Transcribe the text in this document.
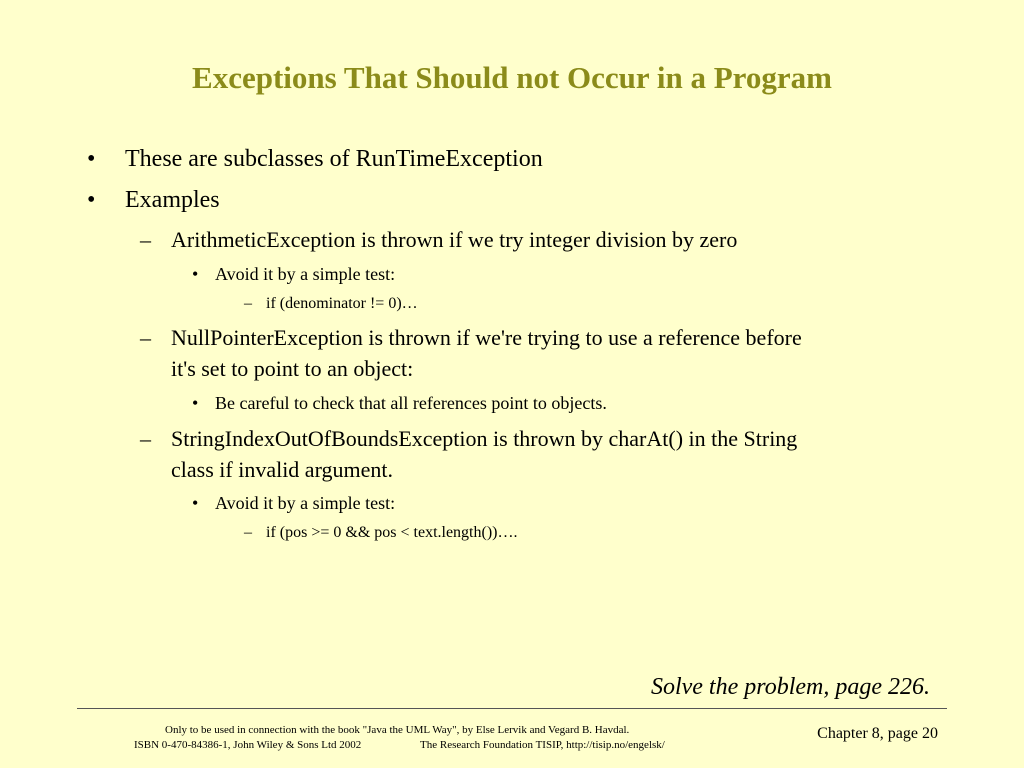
Exceptions That Should not Occur in a Program
• These are subclasses of RunTimeException
• Examples
– ArithmeticException is thrown if we try integer division by zero
• Avoid it by a simple test:
– if (denominator != 0)…
– NullPointerException is thrown if we're trying to use a reference before
it's set to point to an object:
• Be careful to check that all references point to objects.
– StringIndexOutOfBoundsException is thrown by charAt() in the String
class if invalid argument.
• Avoid it by a simple test:
– if (pos >= 0 && pos < text.length())….
Solve the problem, page 226.
Only to be used in connection with the book "Java the UML Way", by Else Lervik and Vegard B. Havdal.
ISBN 0-470-84386-1, John Wiley & Sons Ltd 2002	The Research Foundation TISIP, http://tisip.no/engelsk/
Chapter 8, page 20
